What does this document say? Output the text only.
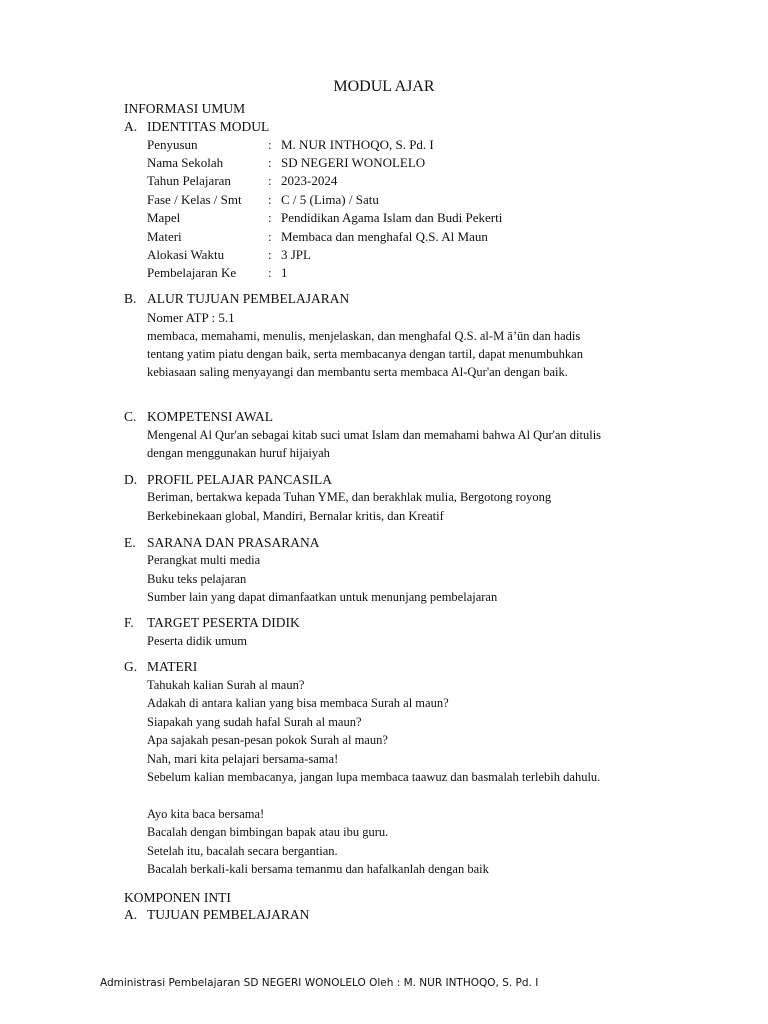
MODUL AJAR
INFORMASI UMUM
A. IDENTITAS MODUL
Penyusun	: M. NUR INTHOQO, S. Pd. I
Nama Sekolah	: SD NEGERI WONOLELO
Tahun Pelajaran	: 2023-2024
Fase / Kelas / Smt : C / 5 (Lima) / Satu
Mapel	: Pendidikan Agama Islam dan Budi Pekerti
Materi	: Membaca dan menghafal Q.S. Al Maun
Alokasi Waktu	: 3 JPL
Pembelajaran Ke : 1
B. ALUR TUJUAN PEMBELAJARAN
Nomer ATP : 5.1
membaca, memahami, menulis, menjelaskan, dan menghafal Q.S. al-M ā’ūn dan hadis
tentang yatim piatu dengan baik, serta membacanya dengan tartil, dapat menumbuhkan
kebiasaan saling menyayangi dan membantu serta membaca Al-Qur'an dengan baik.
C. KOMPETENSI AWAL
Mengenal Al Qur'an sebagai kitab suci umat Islam dan memahami bahwa Al Qur'an ditulis
dengan menggunakan huruf hijaiyah
D. PROFIL PELAJAR PANCASILA
Beriman, bertakwa kepada Tuhan YME, dan berakhlak mulia, Bergotong royong
Berkebinekaan global, Mandiri, Bernalar kritis, dan Kreatif
E. SARANA DAN PRASARANA
Perangkat multi media
Buku teks pelajaran
Sumber lain yang dapat dimanfaatkan untuk menunjang pembelajaran
F. TARGET PESERTA DIDIK
Peserta didik umum
G. MATERI
Tahukah kalian Surah al maun?
Adakah di antara kalian yang bisa membaca Surah al maun?
Siapakah yang sudah hafal Surah al maun?
Apa sajakah pesan-pesan pokok Surah al maun?
Nah, mari kita pelajari bersama-sama!
Sebelum kalian membacanya, jangan lupa membaca taawuz dan basmalah terlebih dahulu.
Ayo kita baca bersama!
Bacalah dengan bimbingan bapak atau ibu guru.
Setelah itu, bacalah secara bergantian.
Bacalah berkali-kali bersama temanmu dan hafalkanlah dengan baik
KOMPONEN INTI
A. TUJUAN PEMBELAJARAN
Administrasi Pembelajaran SD NEGERI WONOLELO Oleh : M. NUR INTHOQO, S. Pd. I
